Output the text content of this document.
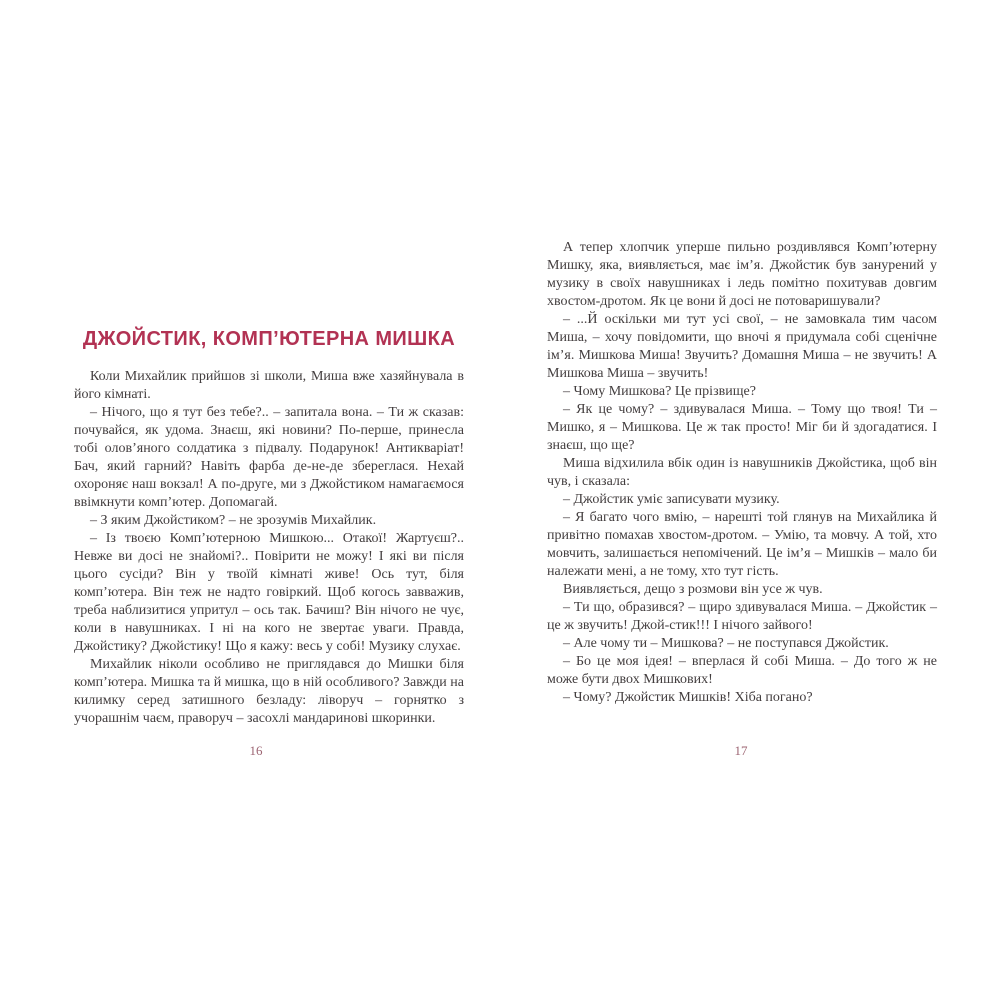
ДЖОЙСТИК, КОМП’ЮТЕРНА МИШКА

Коли Михайлик прийшов зі школи, Миша вже хазяйнувала в його кімнаті.

– Нічого, що я тут без тебе?.. – запитала вона. – Ти ж сказав: почувайся, як удома. Знаєш, які новини? По-перше, принесла тобі олов’яного солдатика з підвалу. Подарунок! Антикваріат! Бач, який гарний? Навіть фарба де-не-де збереглася. Нехай охороняє наш вокзал! А по-друге, ми з Джойстиком намагаємося ввімкнути комп’ютер. Допомагай.

– З яким Джойстиком? – не зрозумів Михайлик.

– Із твоєю Комп’ютерною Мишкою... Отакої! Жартуєш?.. Невже ви досі не знайомі?.. Повірити не можу! І які ви після цього сусіди? Він у твоїй кімнаті живе! Ось тут, біля комп’ютера. Він теж не надто говіркий. Щоб когось завважив, треба наблизитися упритул – ось так. Бачиш? Він нічого не чує, коли в навушниках. І ні на кого не звертає уваги. Правда, Джойстику? Джойстику! Що я кажу: весь у собі! Музику слухає.

Михайлик ніколи особливо не приглядався до Мишки біля комп’ютера. Мишка та й мишка, що в ній особливого? Завжди на килимку серед затишного безладу: ліворуч – горнятко з учорашнім чаєм, праворуч – засохлі мандаринові шкоринки.

А тепер хлопчик уперше пильно роздивлявся Комп’ютерну Мишку, яка, виявляється, має ім’я. Джойстик був занурений у музику в своїх навушниках і ледь помітно похитував довгим хвостом-дротом. Як це вони й досі не потоваришували?

– ...Й оскільки ми тут усі свої, – не замовкала тим часом Миша, – хочу повідомити, що вночі я придумала собі сценічне ім’я. Мишкова Миша! Звучить? Домашня Миша – не звучить! А Мишкова Миша – звучить!

– Чому Мишкова? Це прізвище?

– Як це чому? – здивувалася Миша. – Тому що твоя! Ти – Мишко, я – Мишкова. Це ж так просто! Міг би й здогадатися. І знаєш, що ще?

Миша відхилила вбік один із навушників Джойстика, щоб він чув, і сказала:

– Джойстик уміє записувати музику.

– Я багато чого вмію, – нарешті той глянув на Михайлика й привітно помахав хвостом-дротом. – Умію, та мовчу. А той, хто мовчить, залишається непомічений. Це ім’я – Мишків – мало би належати мені, а не тому, хто тут гість.

Виявляється, дещо з розмови він усе ж чув.

– Ти що, образився? – щиро здивувалася Миша. – Джойстик – це ж звучить! Джой-стик!!! І нічого зайвого!

– Але чому ти – Мишкова? – не поступався Джойстик.

– Бо це моя ідея! – вперлася й собі Миша. – До того ж не може бути двох Мишкових!

– Чому? Джойстик Мишків! Хіба погано?

16	17
